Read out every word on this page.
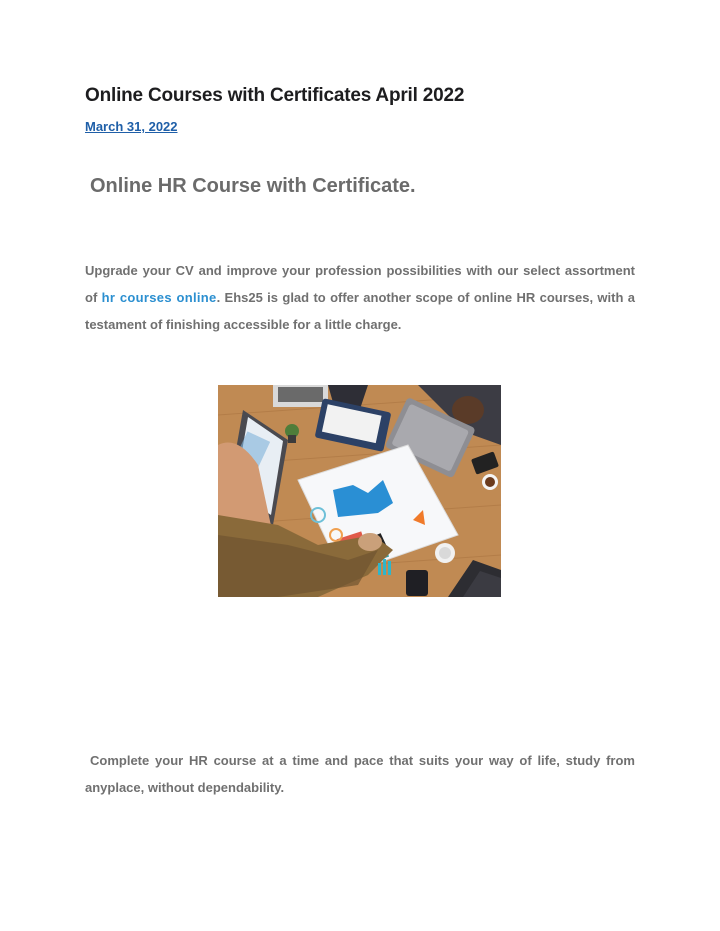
Online Courses with Certificates April 2022
March 31, 2022
Online HR Course with Certificate.

Upgrade your CV and improve your profession possibilities with our select assortment of hr courses online. Ehs25 is glad to offer another scope of online HR courses, with a testament of finishing accessible for a little charge.

Complete your HR course at a time and pace that suits your way of life, study from anyplace, without dependability.
